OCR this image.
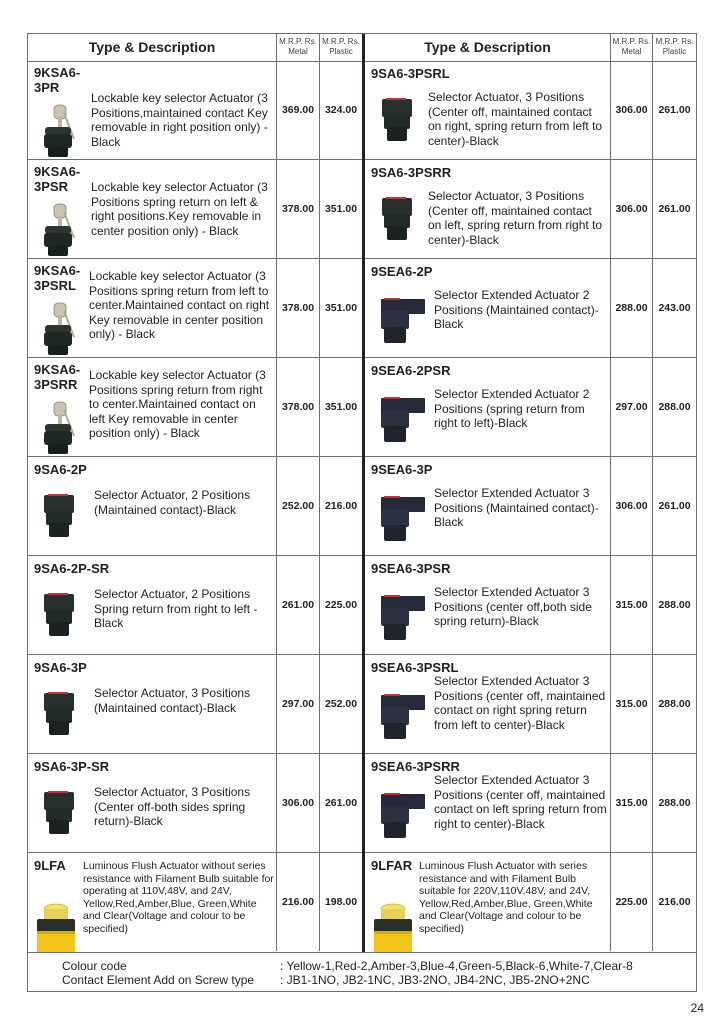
Type & Description	M.R.P. Rs.
Metal
M.R.P. Rs.
Plastic
9KSA6-
3PR
Lockable key selector Actuator (3 Positions,maintained contact Key removable in right position only) - Black
369.00	324.00
9KSA6-
3PSR	Lockable key selector Actuator (3 Positions spring return on left & right positions.Key removable in center position only) - Black
378.00	351.00
9KSA6-
3PSRL
Lockable key selector Actuator (3 Positions spring return from left to center.Maintained contact on right Key removable in center position only) - Black
378.00	351.00
9KSA6-
3PSRR
Lockable key selector Actuator (3 Positions spring return from right to center.Maintained contact on left Key removable in center position only) - Black
378.00	351.00
9SA6-2P
Selector Actuator, 2 Positions (Maintained contact)-Black	252.00	216.00
9SA6-2P-SR
Selector Actuator, 2 Positions Spring return from right to left - Black
261.00	225.00
9SA6-3P
Selector Actuator, 3 Positions (Maintained contact)-Black	297.00	252.00
9SA6-3P-SR
Selector Actuator, 3 Positions (Center off-both sides spring return)-Black
306.00	261.00
9LFA Luminous Flush Actuator without series resistance with Filament Bulb suitable for operating at 110V,48V, and 24V, Yellow,Red,Amber,Blue, Green,White and Clear(Voltage and colour to be specified)
216.00	198.00
Type & Description	M.R.P. Rs.
Metal
M.R.P. Rs.
Plastic
9SA6-3PSRL
Selector Actuator, 3 Positions (Center off, maintained contact on right, spring return from left to center)-Black
306.00	261.00
9SA6-3PSRR
Selector Actuator, 3 Positions (Center off, maintained contact on left, spring return from right to center)-Black
306.00	261.00
9SEA6-2P
Selector Extended Actuator 2 Positions (Maintained contact)-Black
288.00	243.00
9SEA6-2PSR
Selector Extended Actuator 2 Positions (spring return from right to left)-Black
297.00	288.00
9SEA6-3P
Selector Extended Actuator 3 Positions (Maintained contact)-Black
306.00	261.00
9SEA6-3PSR
Selector Extended Actuator 3 Positions (center off,both side spring return)-Black
315.00	288.00
9SEA6-3PSRL
Selector Extended Actuator 3 Positions (center off, maintained contact on right spring return from left to center)-Black
315.00	288.00
9SEA6-3PSRR
Selector Extended Actuator 3 Positions (center off, maintained contact on left spring return from right to center)-Black
315.00	288.00
9LFAR Luminous Flush Actuator with series resistance and with Filament Bulb suitable for 220V,110V,48V, and 24V, Yellow,Red,Amber,Blue, Green,White and Clear(Voltage and colour to be specified)
225.00	216.00
Colour code	: Yellow-1,Red-2,Amber-3,Blue-4,Green-5,Black-6,White-7,Clear-8
Contact Element Add on Screw type : JB1-1NO, JB2-1NC, JB3-2NO, JB4-2NC, JB5-2NO+2NC
24
